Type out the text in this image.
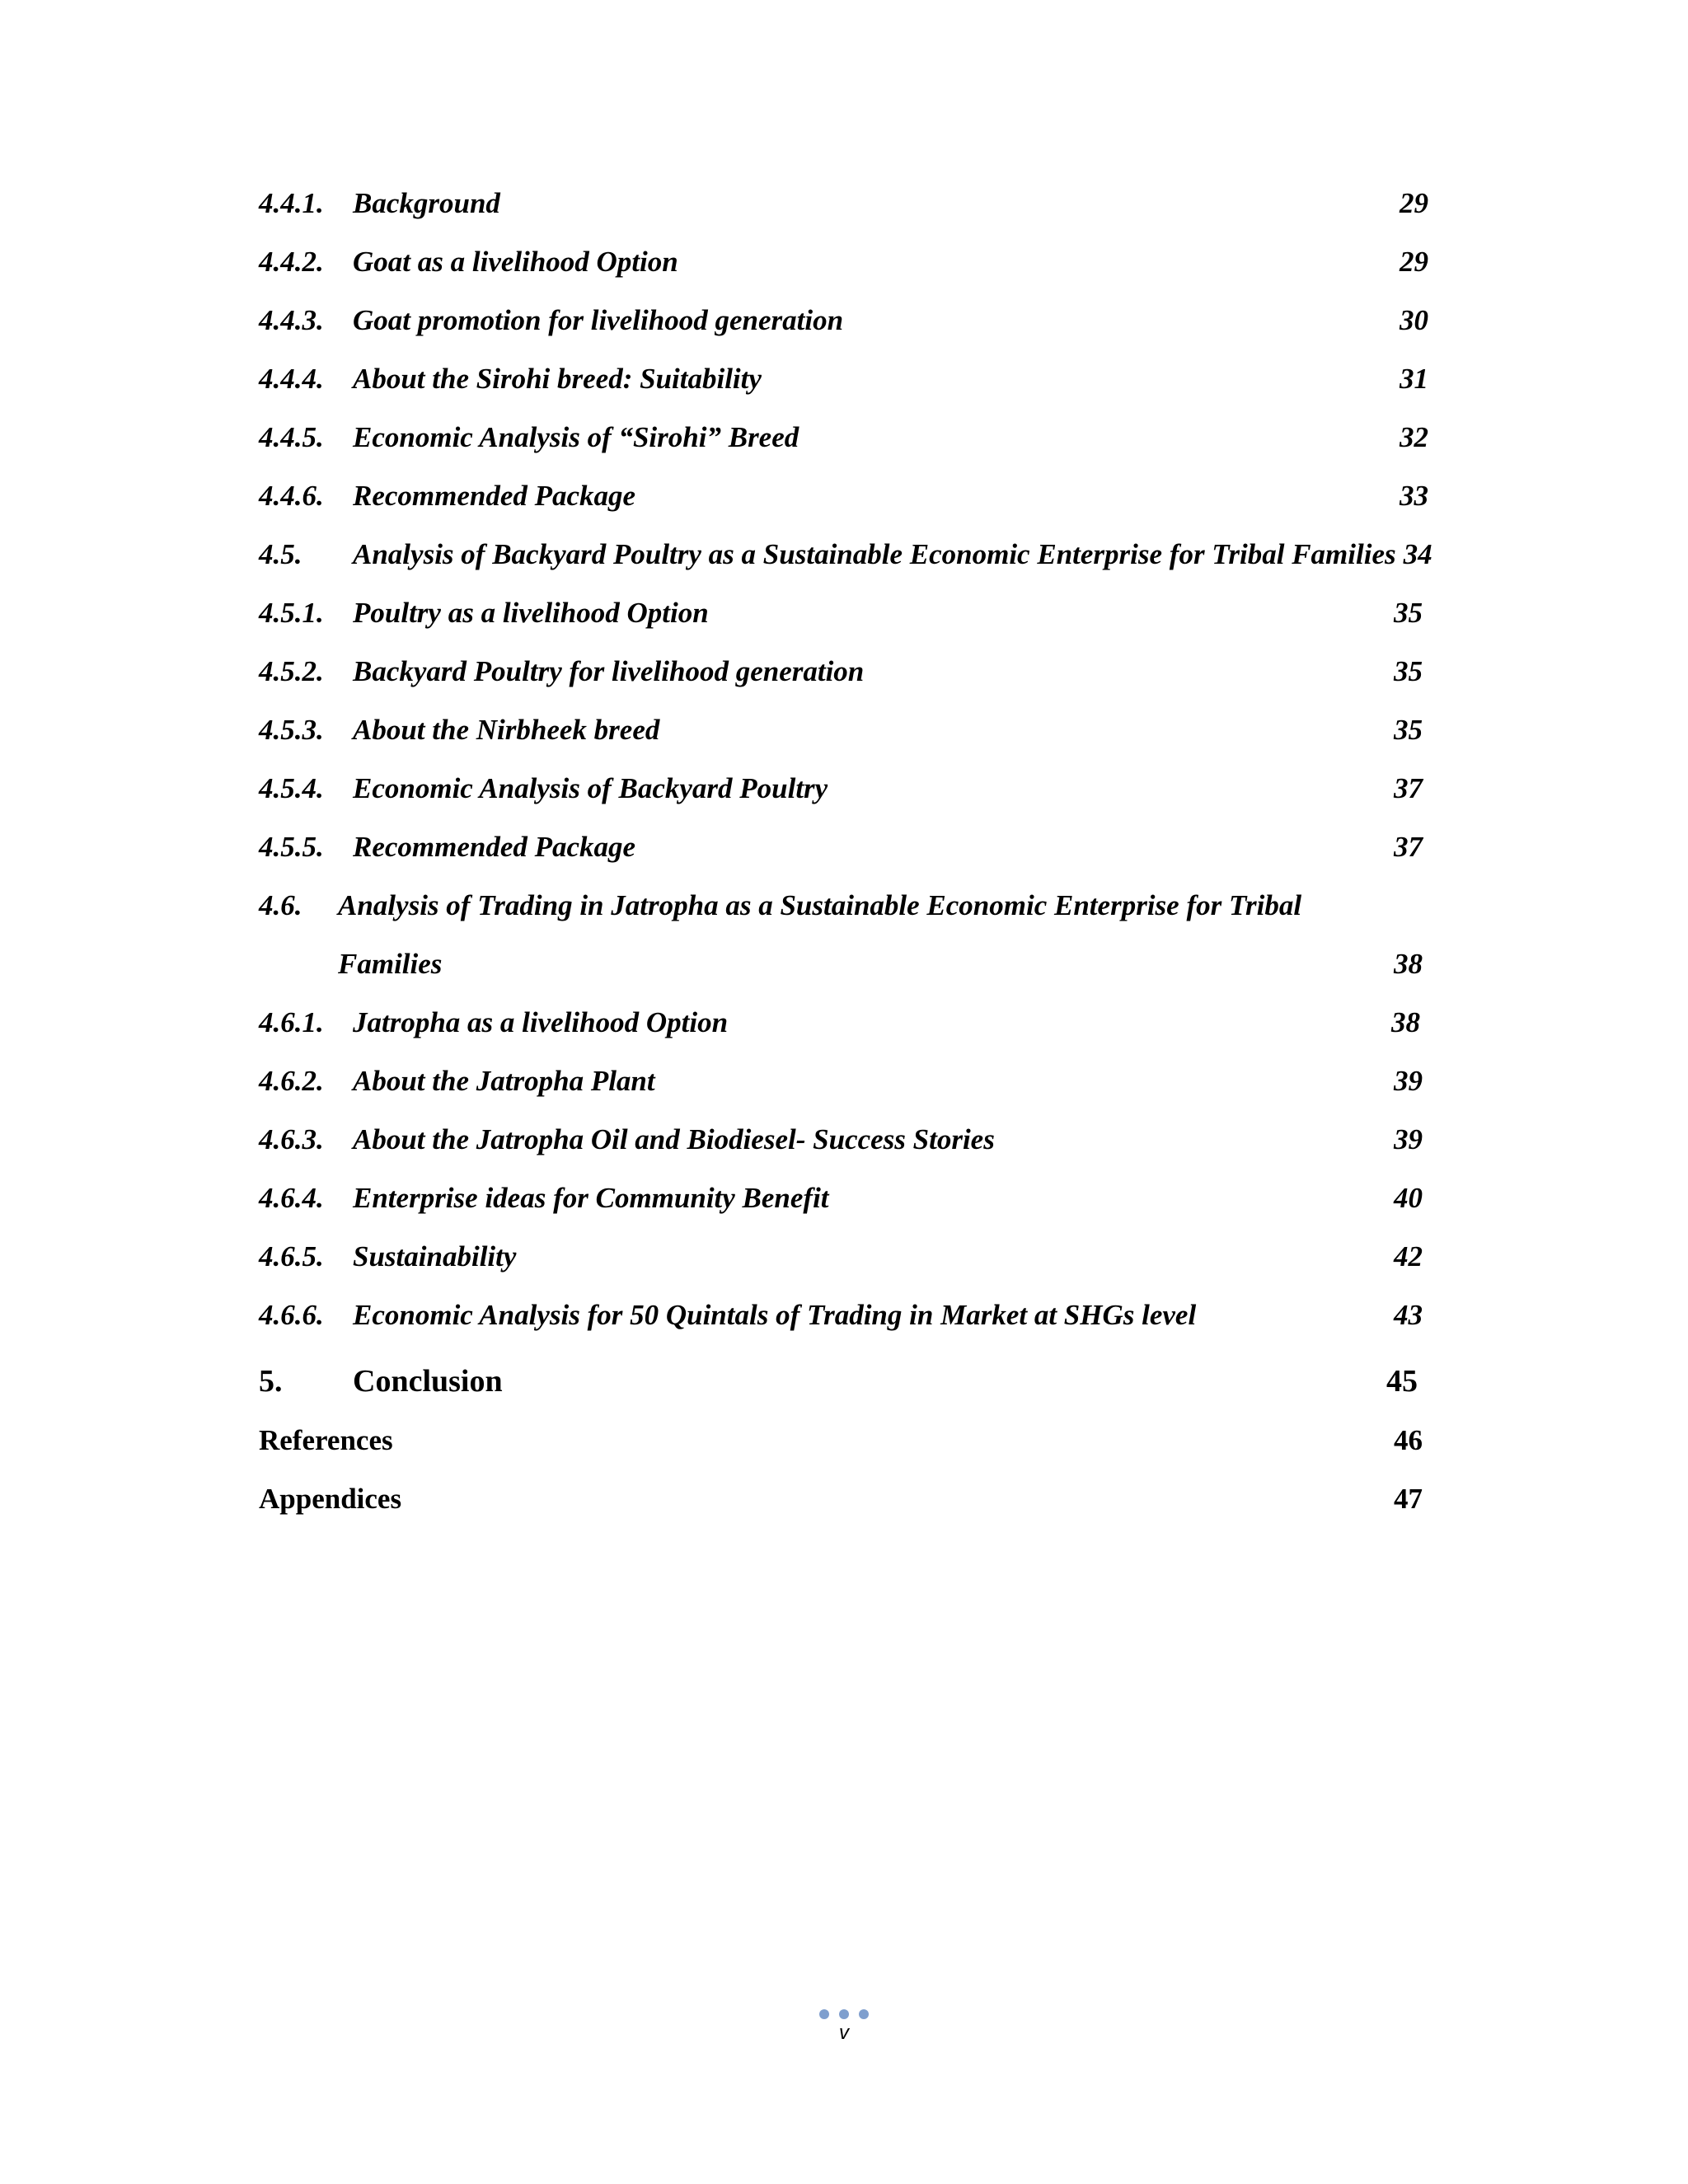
4.4.1. Background	29
4.4.2. Goat as a livelihood Option	29
4.4.3. Goat promotion for livelihood generation	30
4.4.4. About the Sirohi breed: Suitability	31
4.4.5. Economic Analysis of “Sirohi” Breed	32
4.4.6. Recommended Package	33
4.5. Analysis of Backyard Poultry as a Sustainable Economic Enterprise for Tribal Families 34
4.5.1. Poultry as a livelihood Option	35
4.5.2. Backyard Poultry for livelihood generation	35
4.5.3. About the Nirbheek breed	35
4.5.4. Economic Analysis of Backyard Poultry	37
4.5.5. Recommended Package	37
4.6. Analysis of Trading in Jatropha as a Sustainable Economic Enterprise for Tribal
Families	38
4.6.1. Jatropha as a livelihood Option	38
4.6.2. About the Jatropha Plant	39
4.6.3. About the Jatropha Oil and Biodiesel- Success Stories	39
4.6.4. Enterprise ideas for Community Benefit	40
4.6.5. Sustainability	42
4.6.6. Economic Analysis for 50 Quintals of Trading in Market at SHGs level	43
5. Conclusion	45
References	46
Appendices	47
v
